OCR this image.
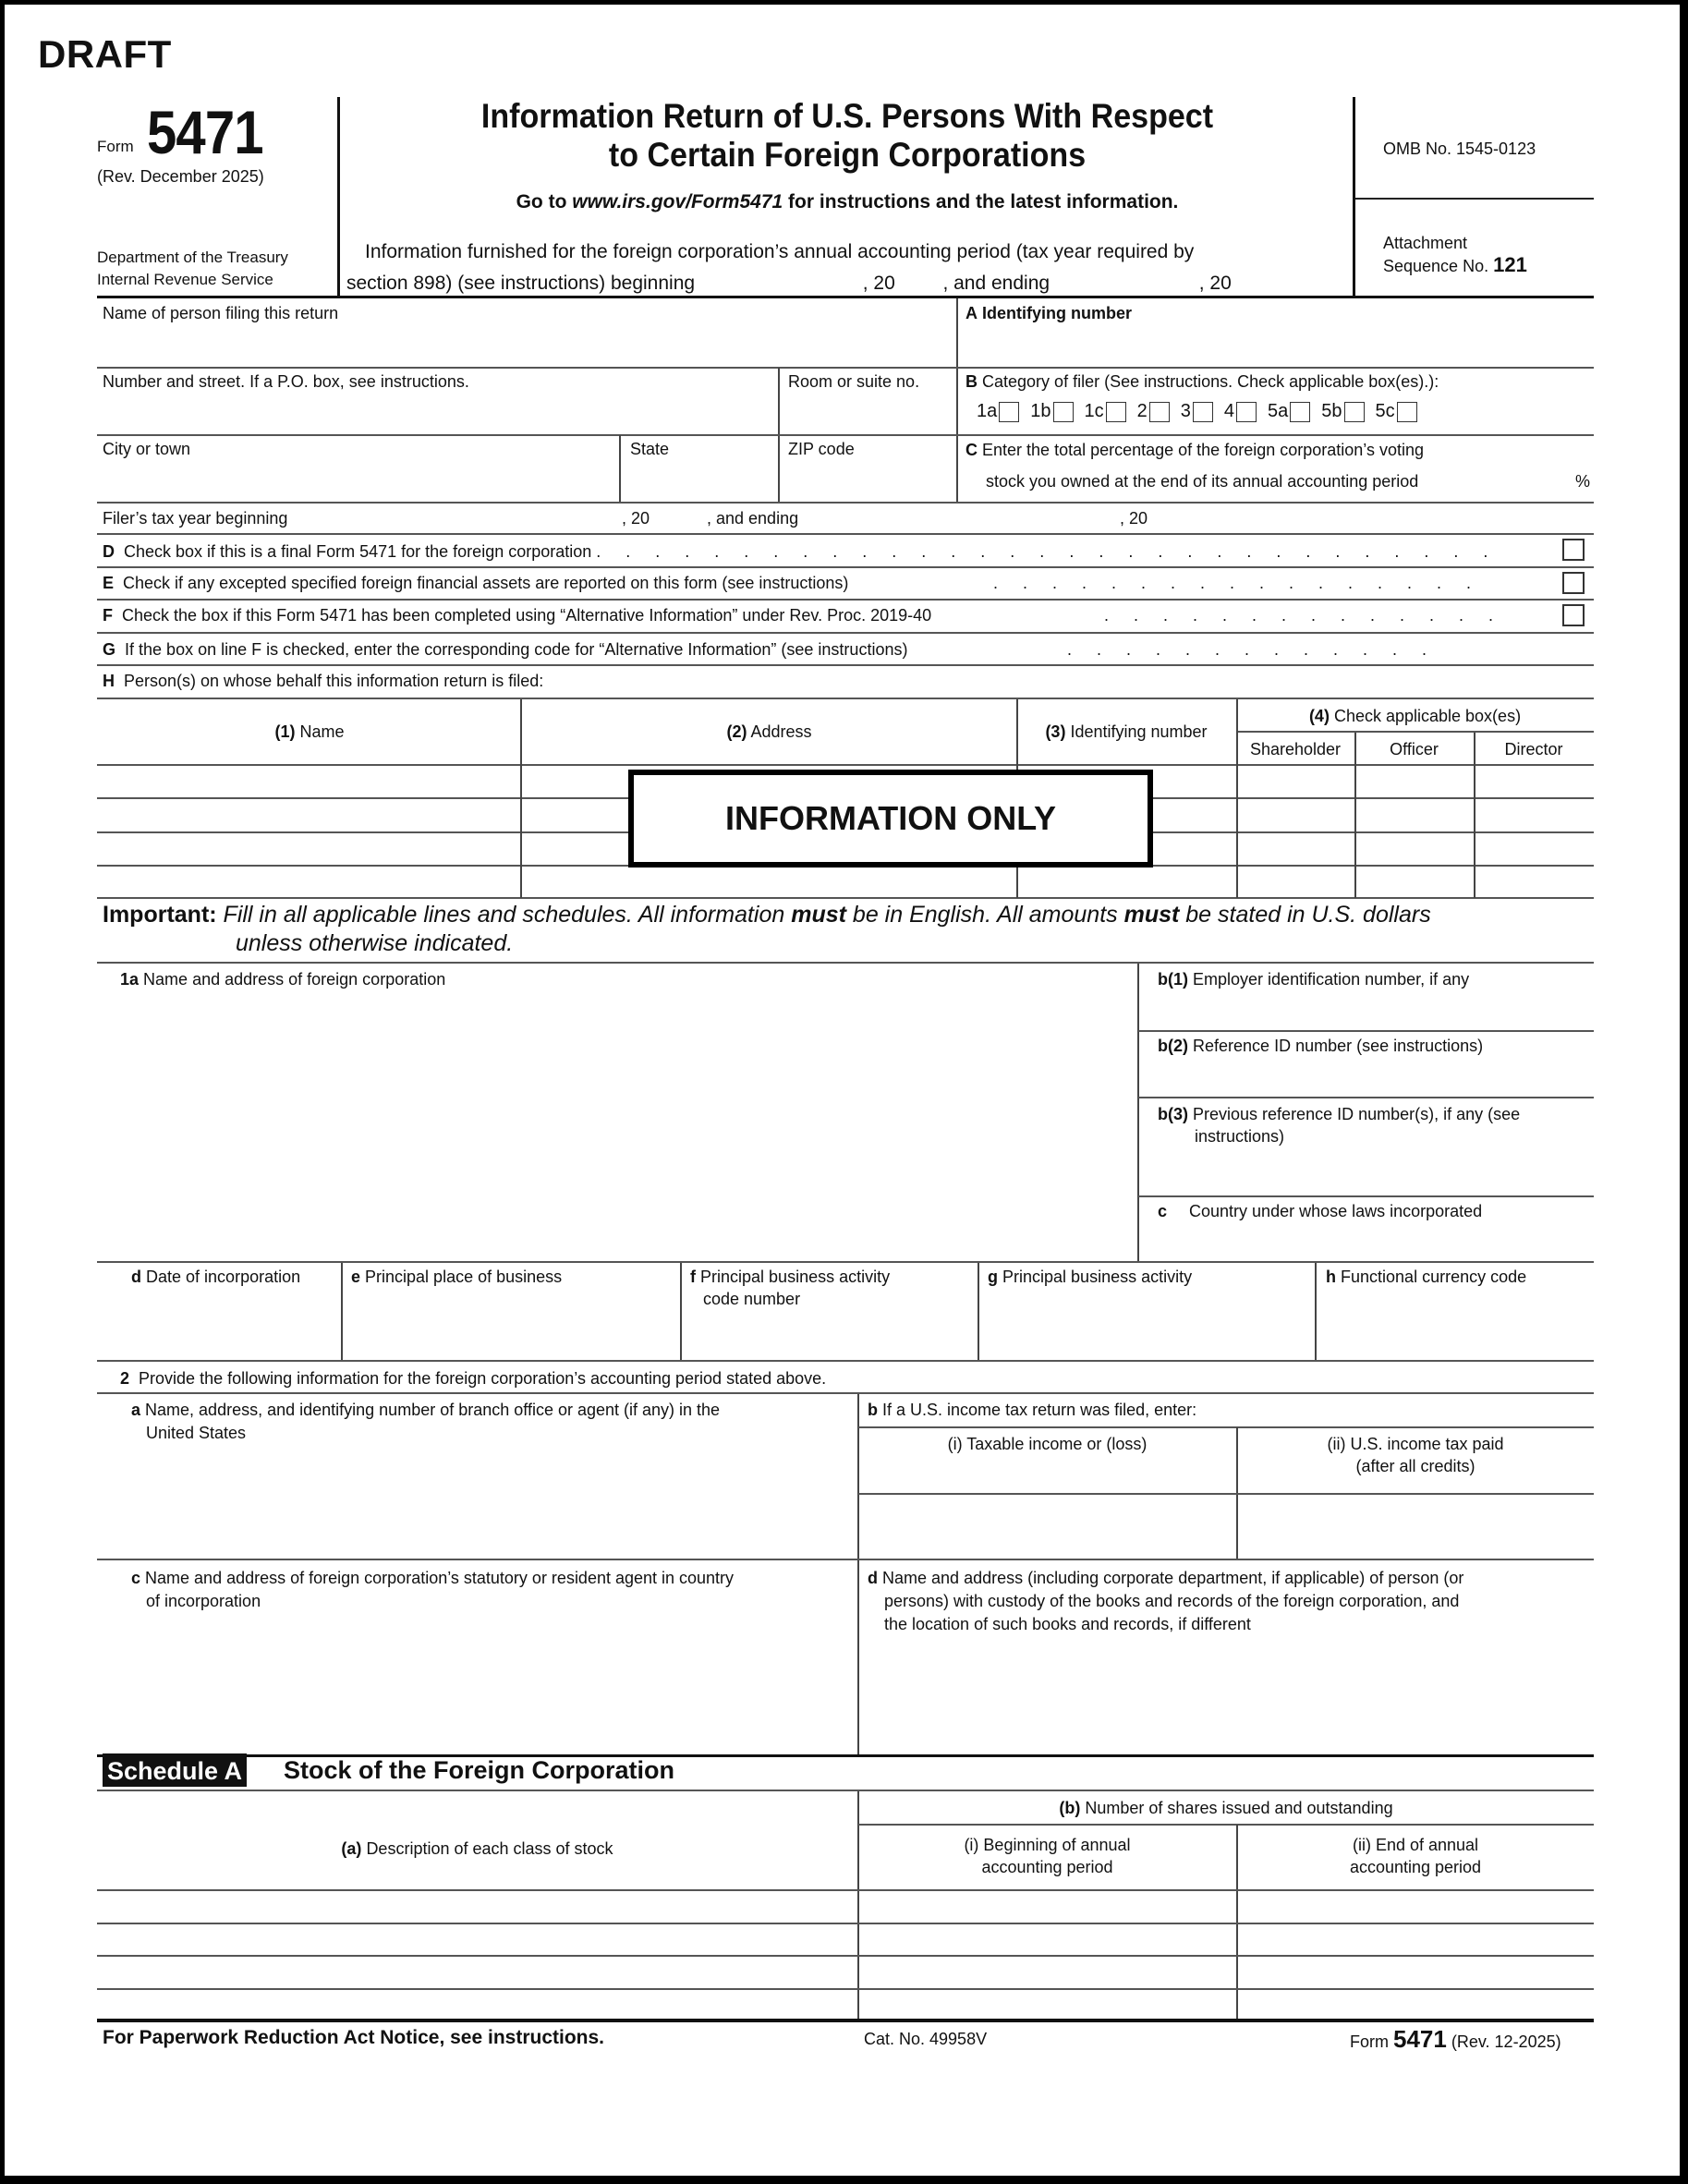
DRAFT
Form 5471
(Rev. December 2025)
Department of the Treasury
Internal Revenue Service
Information Return of U.S. Persons With Respect
to Certain Foreign Corporations
Go to www.irs.gov/Form5471 for instructions and the latest information.
Information furnished for the foreign corporation’s annual accounting period (tax year required by
section 898) (see instructions) beginning	, 20 , and ending	, 20
OMB No. 1545-0123
Attachment
Sequence No. 121
Name of person filing this return	A Identifying number
Number and street. If a P.O. box, see instructions.	Room or suite no.	B Category of filer (See instructions. Check applicable box(es).):
1a 1b 1c 2 3 4 5a 5b 5c
City or town	State	ZIP code	C Enter the total percentage of the foreign corporation’s voting
stock you owned at the end of its annual accounting period	%
Filer’s tax year beginning	, 20	, and ending	, 20
D Check box if this is a final Form 5471 for the foreign corporation . . . . . . . . . . . . . . . . . . . . . . . . . . . . . . .
E Check if any excepted specified foreign financial assets are reported on this form (see instructions)	. . . . . . . . . . . . . . . . .
F Check the box if this Form 5471 has been completed using “Alternative Information” under Rev. Proc. 2019-40	. . . . . . . . . . . . . .
G If the box on line F is checked, enter the corresponding code for “Alternative Information” (see instructions)	. . . . . . . . . . . . .
H Person(s) on whose behalf this information return is filed:
(1) Name	(2) Address	(3) Identifying number
(4) Check applicable box(es)
Shareholder	Officer	Director
INFORMATION ONLY
Important: Fill in all applicable lines and schedules. All information must be in English. All amounts must be stated in U.S. dollars
unless otherwise indicated.
1a Name and address of foreign corporation	b(1) Employer identification number, if any
b(2) Reference ID number (see instructions)
b(3) Previous reference ID number(s), if any (see
instructions)
c Country under whose laws incorporated
d Date of incorporation	e Principal place of business	f Principal business activity
code number
g Principal business activity	h Functional currency code
2 Provide the following information for the foreign corporation’s accounting period stated above.
a Name, address, and identifying number of branch office or agent (if any) in the
United States
b If a U.S. income tax return was filed, enter:
(i) Taxable income or (loss)	(ii) U.S. income tax paid
(after all credits)
c Name and address of foreign corporation’s statutory or resident agent in country
of incorporation
d Name and address (including corporate department, if applicable) of person (or
persons) with custody of the books and records of the foreign corporation, and
the location of such books and records, if different
Schedule A Stock of the Foreign Corporation
(a) Description of each class of stock
(b) Number of shares issued and outstanding
(i) Beginning of annual
accounting period
(ii) End of annual
accounting period
For Paperwork Reduction Act Notice, see instructions.	Cat. No. 49958V	Form 5471 (Rev. 12-2025)
